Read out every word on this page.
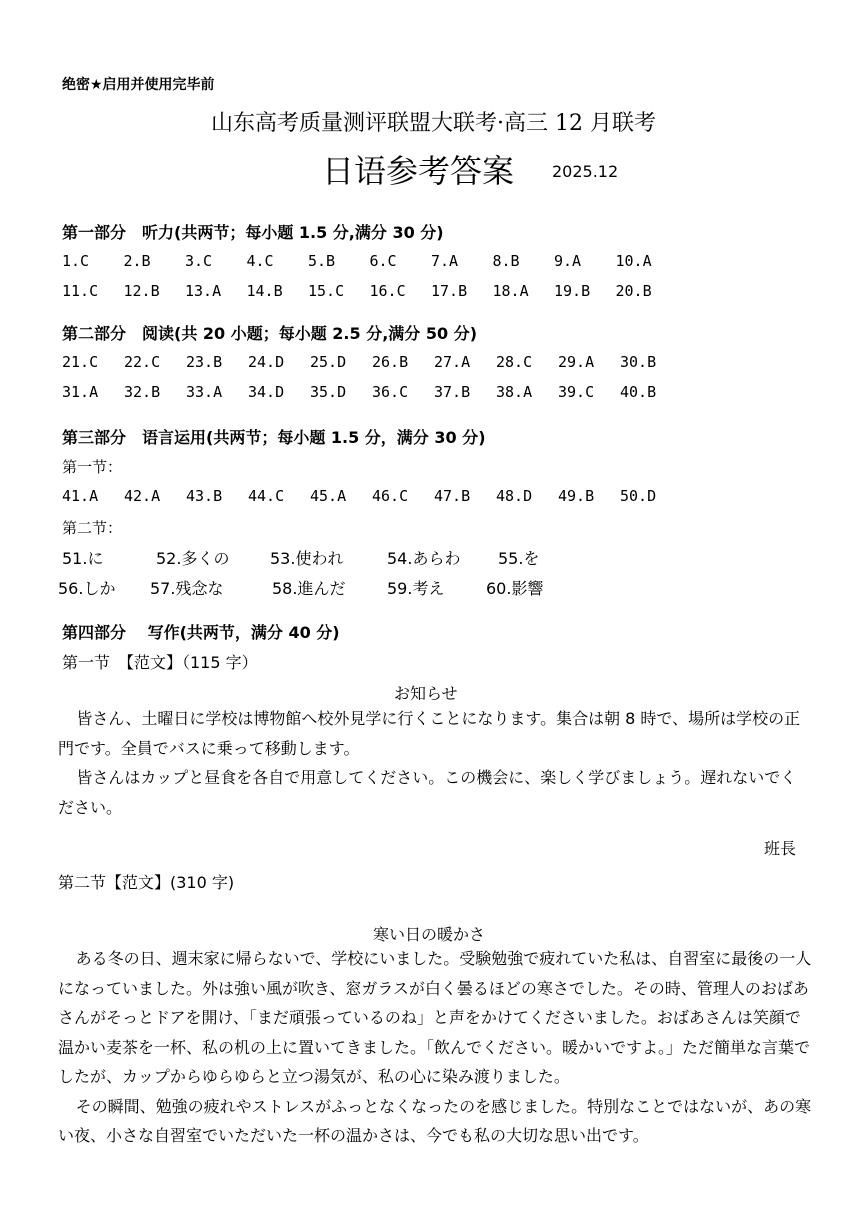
绝密★启用并使用完毕前
山东高考质量测评联盟大联考·高三 12 月联考
日语参考答案 2025.12
第一部分　听力(共两节；每小题 1.5 分,满分 30 分)
1.C	2.B	3.C	4.C	5.B	6.C	7.A	8.B	9.A	10.A
11.C	12.B	13.A	14.B	15.C	16.C	17.B	18.A	19.B	20.B
第二部分　阅读(共 20 小题；每小题 2.5 分,满分 50 分)
21.C	22.C	23.B	24.D	25.D	26.B	27.A	28.C	29.A	30.B
31.A	32.B	33.A	34.D	35.D	36.C	37.B	38.A	39.C	40.B
第三部分　语言运用(共两节；每小题 1.5 分，满分 30 分)
第一节：
41.A	42.A	43.B	44.C	45.A	46.C	47.B	48.D	49.B	50.D
第二节：
51.に	52.多くの	53.使われ	54.あらわ 55.を
56.しか 57.残念な	58.進んだ	59.考え	60.影響
第四部分　 写作(共两节，满分 40 分)
第一节　【范文】（115 字）
お知らせ

皆さん、土曜日に学校は博物館へ校外見学に行くことになります。集合は朝 8 時で、場所は学校の正門です。全員でバスに乗って移動します。

皆さんはカップと昼食を各自で用意してください。この機会に、楽しく学びましょう。遅れないでください。

班長
第二节【范文】(310 字)
寒い日の暖かさ

ある冬の日、週末家に帰らないで、学校にいました。受験勉強で疲れていた私は、自習室に最後の一人になっていました。外は強い風が吹き、窓ガラスが白く曇るほどの寒さでした。その時、管理人のおばあさんがそっとドアを開け、「まだ頑張っているのね」と声をかけてくださいました。おばあさんは笑顔で温かい麦茶を一杯、私の机の上に置いてきました。「飲んでください。暖かいですよ。」ただ簡単な言葉でしたが、カップからゆらゆらと立つ湯気が、私の心に染み渡りました。

その瞬間、勉強の疲れやストレスがふっとなくなったのを感じました。特別なことではないが、あの寒い夜、小さな自習室でいただいた一杯の温かさは、今でも私の大切な思い出です。
